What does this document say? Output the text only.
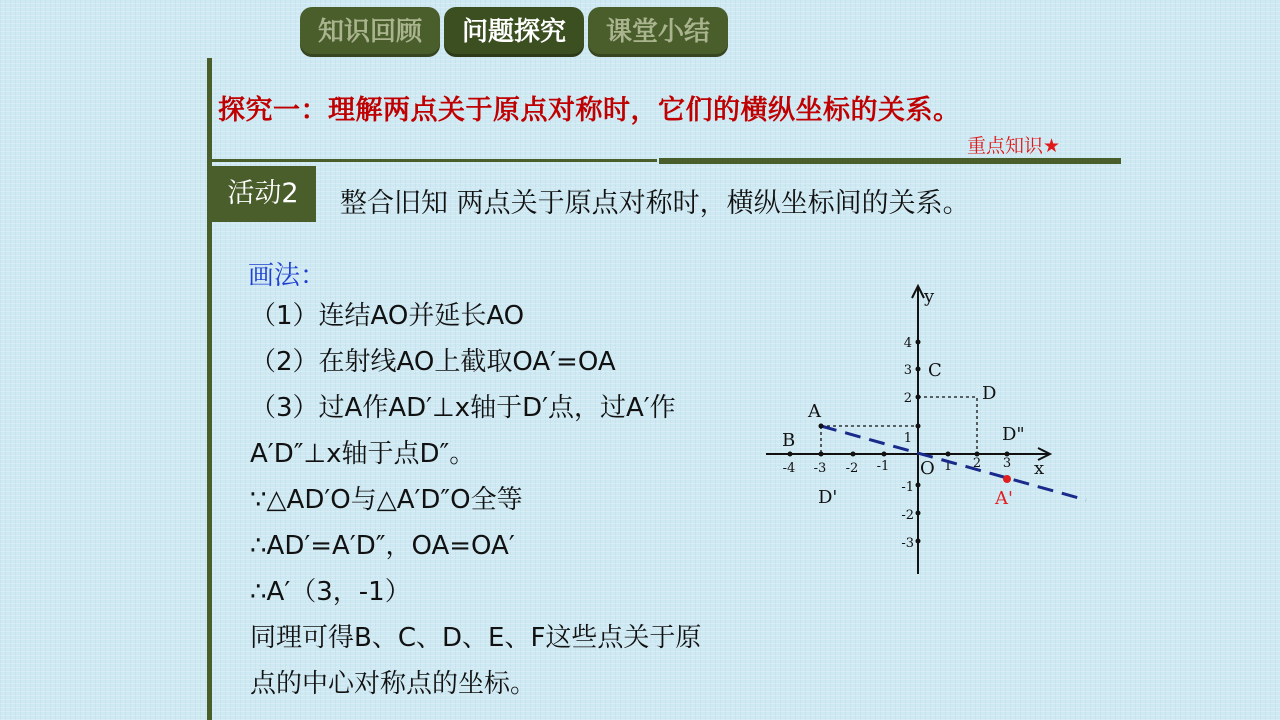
知识回顾	问题探究	课堂小结
探究一：理解两点关于原点对称时，它们的横纵坐标的关系。
重点知识★
活动2	整合旧知 两点关于原点对称时，横纵坐标间的关系。
画法：
（1）连结AO并延长AO
（2）在射线AO上截取OA′=OA
（3）过A作AD′⊥x轴于D′点，过A′作
A′D″⊥x轴于点D″。
∵△AD′O与△A′D″O全等
∴AD′=A′D″，OA=OA′
∴A′（3，-1）
同理可得B、C、D、E、F这些点关于原
点的中心对称点的坐标。
-4 -3 -2 -1	1 2 3
4
3
2
1
-1
-2
-3
y
x
O
A
B
C
D
D'
D"
A'
